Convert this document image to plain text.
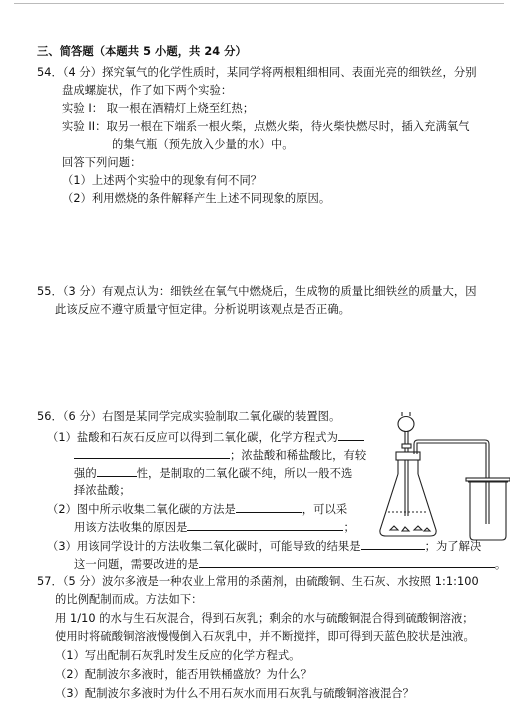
三、简答题（本题共 5 小题，共 24 分）
54．（4 分）探究氧气的化学性质时，某同学将两根粗细相同、表面光亮的细铁丝，分别
盘成螺旋状，作了如下两个实验：
实验 I： 取一根在酒精灯上烧至红热；
实验 II：取另一根在下端系一根火柴，点燃火柴，待火柴快燃尽时，插入充满氧气
的集气瓶（预先放入少量的水）中。
回答下列问题：
（1）上述两个实验中的现象有何不同？
（2）利用燃烧的条件解释产生上述不同现象的原因。
55．（3 分）有观点认为：细铁丝在氧气中燃烧后，生成物的质量比细铁丝的质量大，因
此该反应不遵守质量守恒定律。分析说明该观点是否正确。
56．（6 分）右图是某同学完成实验制取二氧化碳的装置图。
（1）盐酸和石灰石反应可以得到二氧化碳，化学方程式为
；浓盐酸和稀盐酸比，有较
强的	性，是制取的二氧化碳不纯，所以一般不选
择浓盐酸；
（2）图中所示收集二氧化碳的方法是	，可以采
用该方法收集的原因是	；
（3）用该同学设计的方法收集二氧化碳时，可能导致的结果是	；为了解决
这一问题，需要改进的是	。
57．（5 分）波尔多液是一种农业上常用的杀菌剂，由硫酸铜、生石灰、水按照 1:1:100
的比例配制而成。方法如下：
用 1/10 的水与生石灰混合，得到石灰乳；剩余的水与硫酸铜混合得到硫酸铜溶液；
使用时将硫酸铜溶液慢慢倒入石灰乳中，并不断搅拌，即可得到天蓝色胶状是浊液。
（1）写出配制石灰乳时发生反应的化学方程式。
（2）配制波尔多液时，能否用铁桶盛放？为什么？
（3）配制波尔多液时为什么不用石灰水而用石灰乳与硫酸铜溶液混合？
